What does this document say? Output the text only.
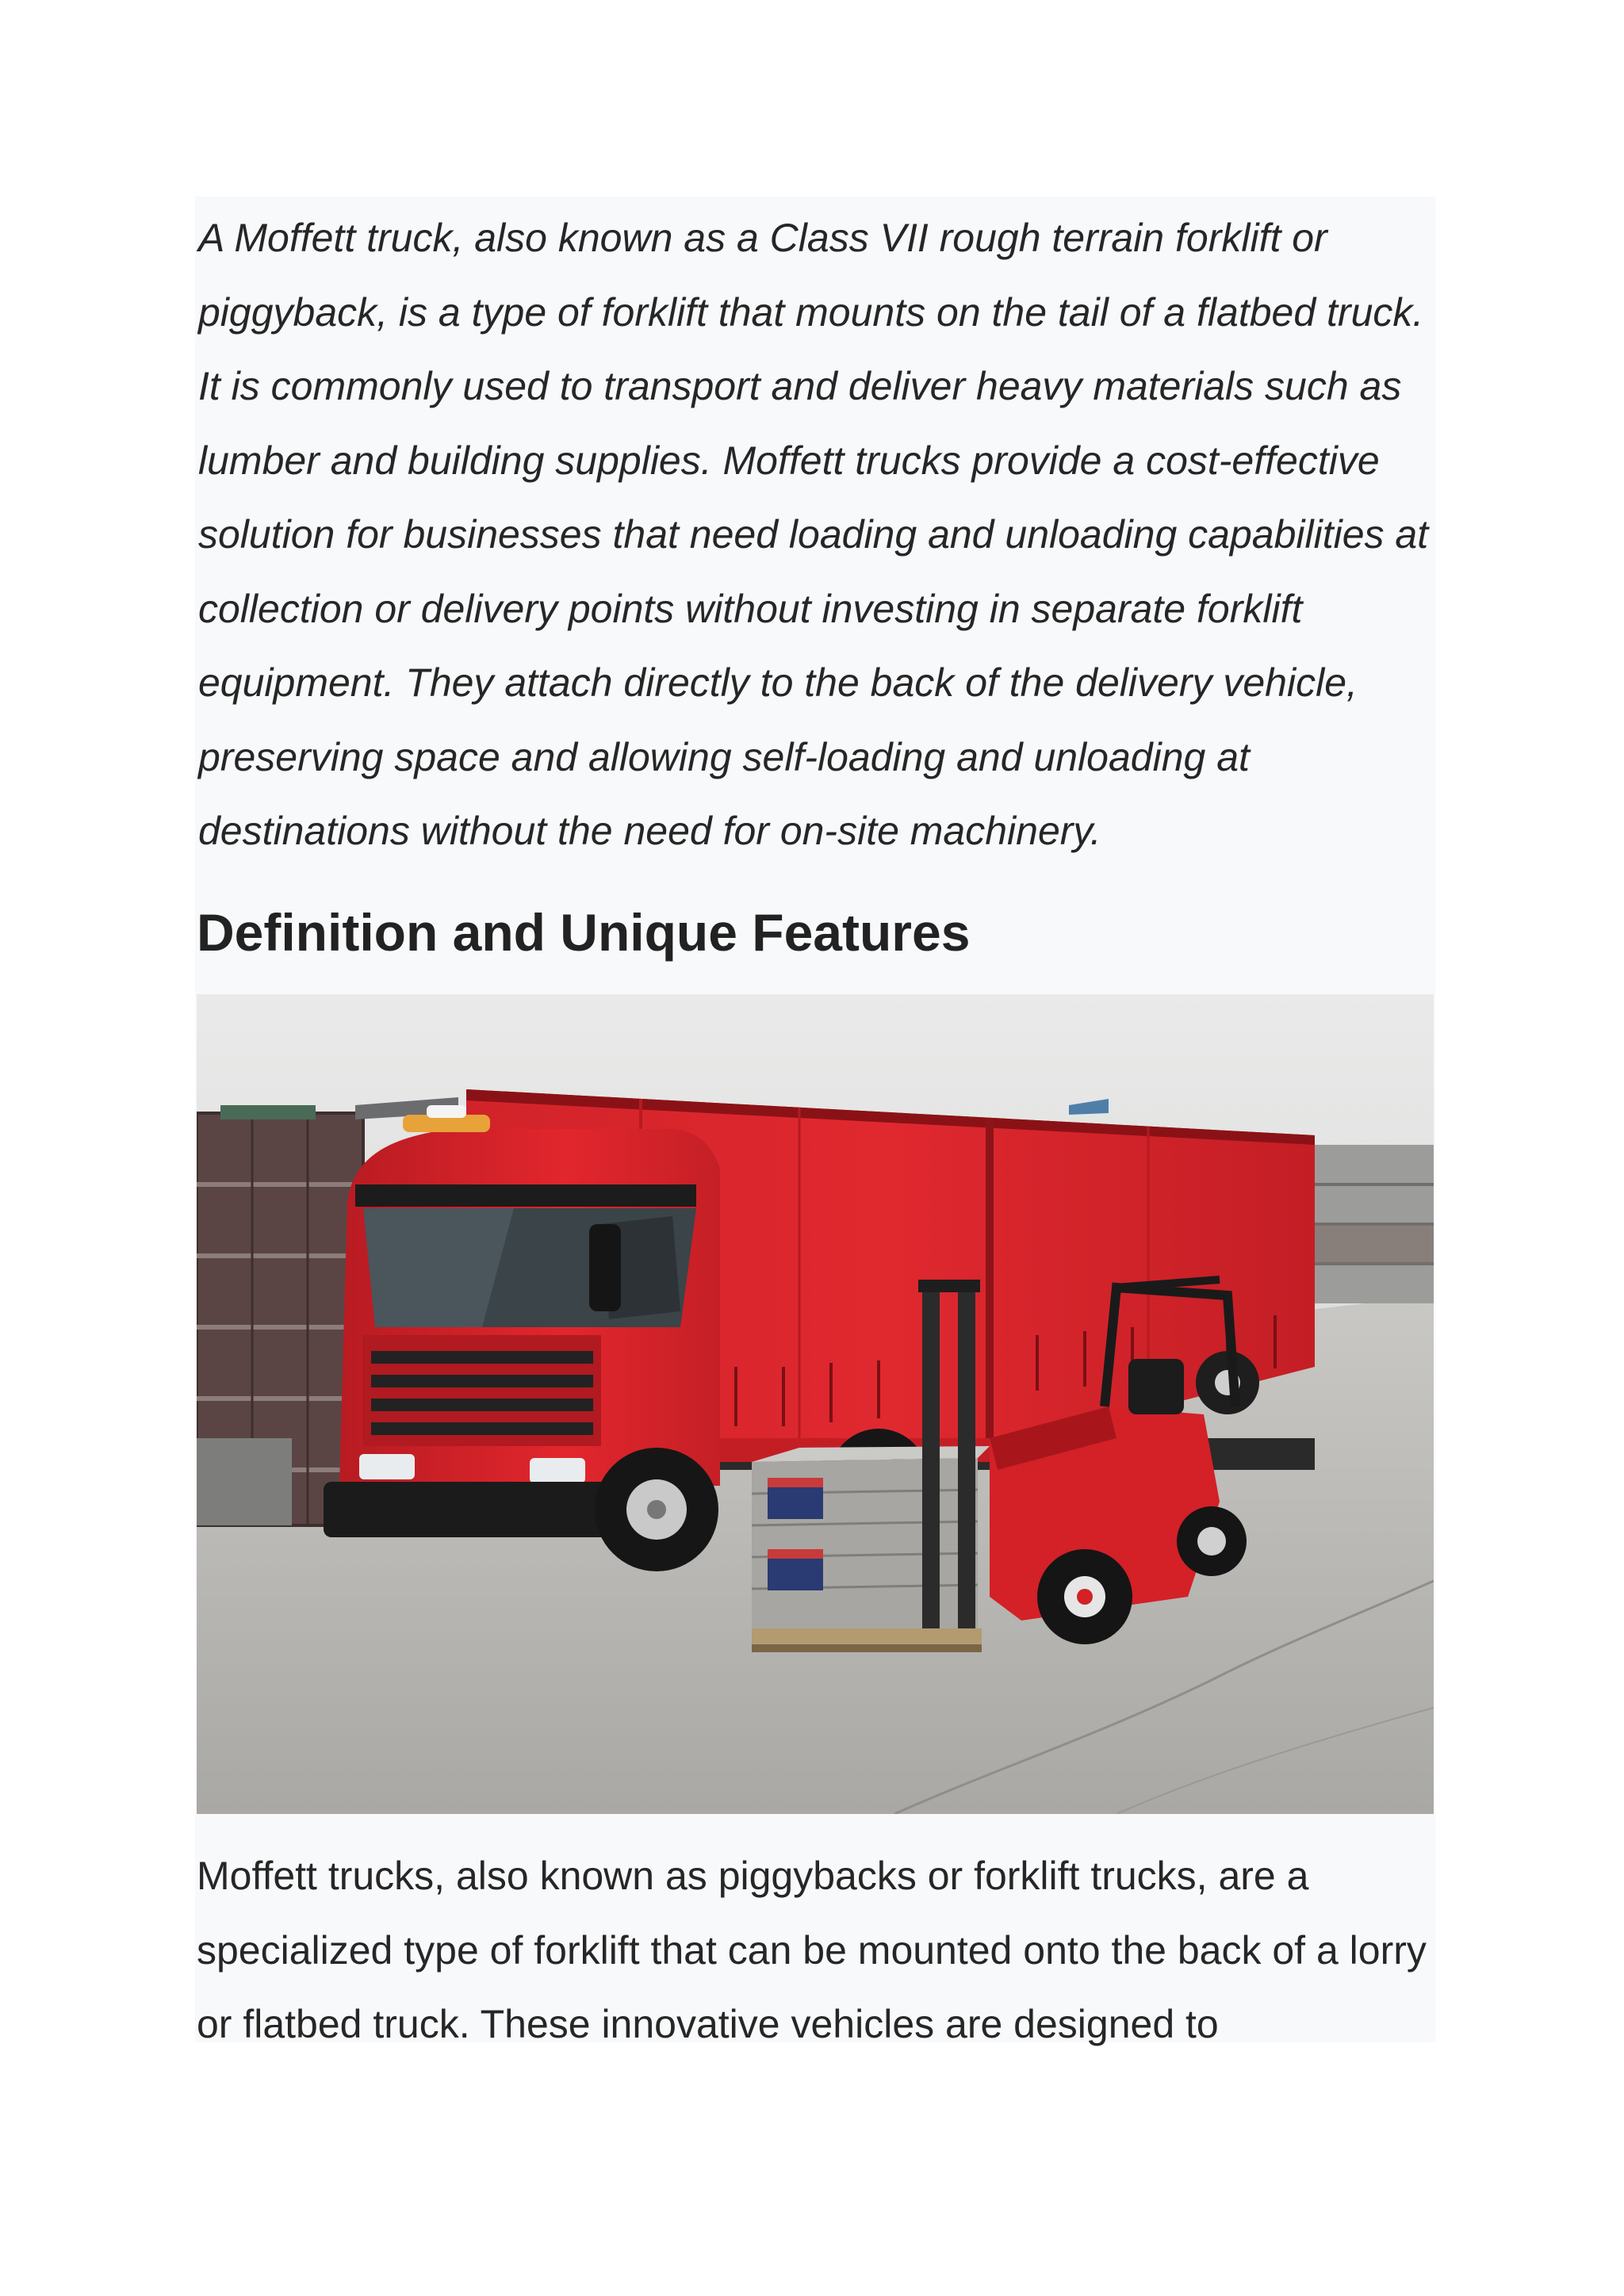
A Moffett truck, also known as a Class VII rough terrain forklift or piggyback, is a type of forklift that mounts on the tail of a flatbed truck. It is commonly used to transport and deliver heavy materials such as lumber and building supplies. Moffett trucks provide a cost-effective solution for businesses that need loading and unloading capabilities at collection or delivery points without investing in separate forklift equipment. They attach directly to the back of the delivery vehicle, preserving space and allowing self-loading and unloading at destinations without the need for on-site machinery.

Definition and Unique Features

Moffett trucks, also known as piggybacks or forklift trucks, are a specialized type of forklift that can be mounted onto the back of a lorry or flatbed truck. These innovative vehicles are designed to
